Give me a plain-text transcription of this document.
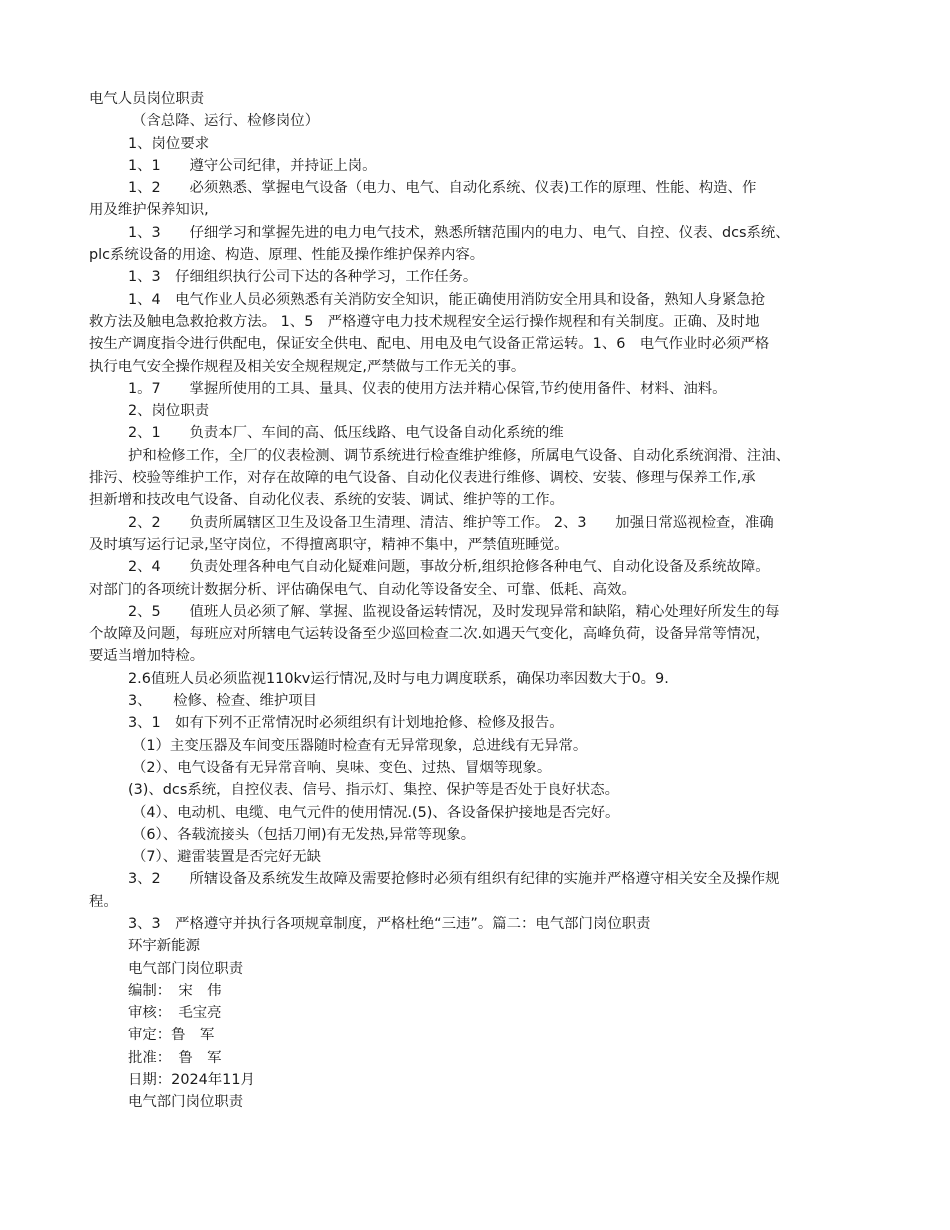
电气人员岗位职责

（含总降、运行、检修岗位）

1、岗位要求

1、1　　遵守公司纪律，并持证上岗。

1、2　　必须熟悉、掌握电气设备（电力、电气、自动化系统、仪表)工作的原理、性能、构造、作

用及维护保养知识,

1、3　　仔细学习和掌握先进的电力电气技术，熟悉所辖范围内的电力、电气、自控、仪表、dcs系统、

plc系统设备的用途、构造、原理、性能及操作维护保养内容。

1、3　仔细组织执行公司下达的各种学习，工作任务。

1、4　电气作业人员必须熟悉有关消防安全知识，能正确使用消防安全用具和设备，熟知人身紧急抢

救方法及触电急救抢救方法。 1、5　严格遵守电力技术规程安全运行操作规程和有关制度。正确、及时地

按生产调度指令进行供配电，保证安全供电、配电、用电及电气设备正常运转。1、6　电气作业时必须严格

执行电气安全操作规程及相关安全规程规定,严禁做与工作无关的事。

1。7　　掌握所使用的工具、量具、仪表的使用方法并精心保管,节约使用备件、材料、油料。

2、岗位职责

2、1　　负责本厂、车间的高、低压线路、电气设备自动化系统的维

护和检修工作，全厂的仪表检测、调节系统进行检查维护维修，所属电气设备、自动化系统润滑、注油、

排污、校验等维护工作，对存在故障的电气设备、自动化仪表进行维修、调校、安装、修理与保养工作,承

担新增和技改电气设备、自动化仪表、系统的安装、调试、维护等的工作。

2、2　　负责所属辖区卫生及设备卫生清理、清洁、维护等工作。 2、3　　加强日常巡视检查，准确

及时填写运行记录,坚守岗位，不得擅离职守，精神不集中，严禁值班睡觉。

2、4　　负责处理各种电气自动化疑难问题，事故分析,组织抢修各种电气、自动化设备及系统故障。

对部门的各项统计数据分析、评估确保电气、自动化等设备安全、可靠、低耗、高效。

2、5　　值班人员必须了解、掌握、监视设备运转情况，及时发现异常和缺陷，精心处理好所发生的每

个故障及问题，每班应对所辖电气运转设备至少巡回检查二次.如遇天气变化，高峰负荷，设备异常等情况，

要适当增加特检。

2.6值班人员必须监视110kv运行情况,及时与电力调度联系，确保功率因数大于0。9.

3、　　检修、检查、维护项目

3、1　如有下列不正常情况时必须组织有计划地抢修、检修及报告。

（1）主变压器及车间变压器随时检查有无异常现象，总进线有无异常。

（2）、电气设备有无异常音响、臭味、变色、过热、冒烟等现象。

(3)、dcs系统，自控仪表、信号、指示灯、集控、保护等是否处于良好状态。

（4）、电动机、电缆、电气元件的使用情况.(5)、各设备保护接地是否完好。

（6）、各载流接头（包括刀闸)有无发热,异常等现象。

（7）、避雷装置是否完好无缺

3、2　　所辖设备及系统发生故障及需要抢修时必须有组织有纪律的实施并严格遵守相关安全及操作规

程。

3、3　严格遵守并执行各项规章制度，严格杜绝“三违”。篇二：电气部门岗位职责

环宇新能源

电气部门岗位职责

编制：　宋　伟

审核：　毛宝亮

审定：鲁　军

批准：　鲁　军

日期：2024年11月

电气部门岗位职责
